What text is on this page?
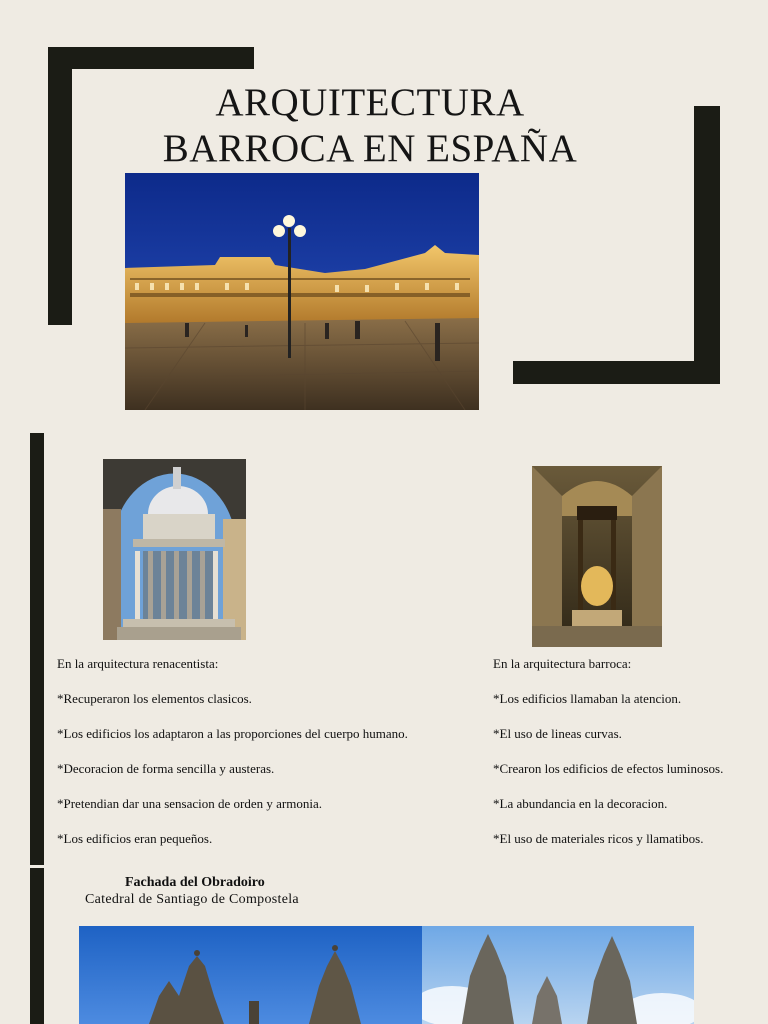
ARQUITECTURA
BARROCA EN ESPAÑA
En la arquitectura renacentista:
*Recuperaron los elementos clasicos.
*Los edificios los adaptaron a las proporciones del cuerpo humano.
*Decoracion de forma sencilla y austeras.
*Pretendian dar una sensacion de orden y armonia.
*Los edificios eran pequeños.
En la arquitectura barroca:
*Los edificios llamaban la atencion.
*El uso de lineas curvas.
*Crearon los edificios de efectos luminosos.
*La abundancia en la decoracion.
*El uso de materiales ricos y llamatibos.
Fachada del Obradoiro
Catedral de Santiago de Compostela
